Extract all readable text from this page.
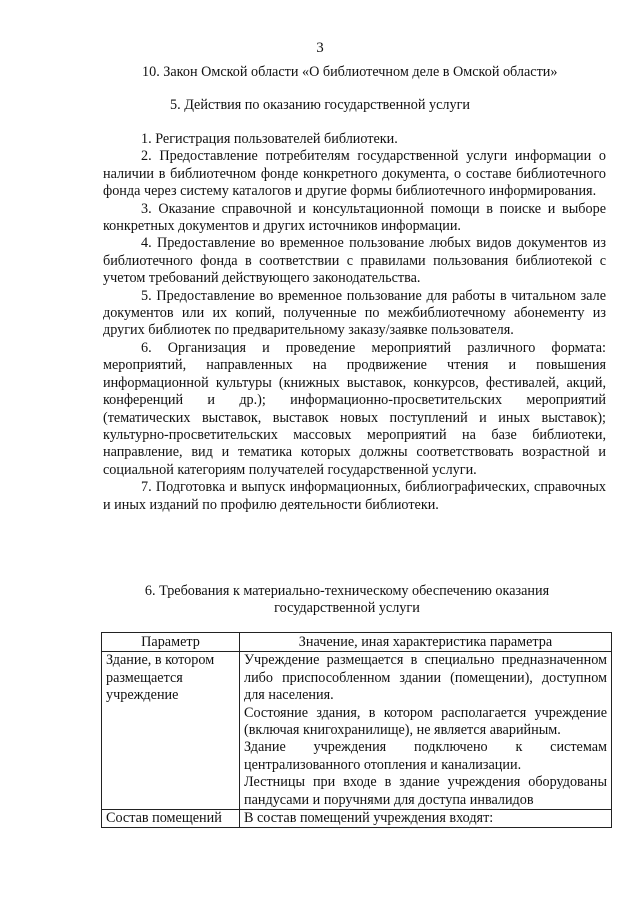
3
10. Закон Омской области «О библиотечном деле в Омской области»
5. Действия по оказанию государственной услуги

1. Регистрация пользователей библиотеки.

2. Предоставление потребителям государственной услуги информации о наличии в библиотечном фонде конкретного документа, о составе библиотечного фонда через систему каталогов и другие формы библиотечного информирования.

3. Оказание справочной и консультационной помощи в поиске и выборе конкретных документов и других источников информации.

4. Предоставление во временное пользование любых видов документов из библиотечного фонда в соответствии с правилами пользования библиотекой с учетом требований действующего законодательства.

5. Предоставление во временное пользование для работы в читальном зале документов или их копий, полученные по межбиблиотечному абонементу из других библиотек по предварительному заказу/заявке пользователя.

6. Организация и проведение мероприятий различного формата: мероприятий, направленных на продвижение чтения и повышения информационной культуры (книжных выставок, конкурсов, фестивалей, акций, конференций и др.); информационно-просветительских мероприятий (тематических выставок, выставок новых поступлений и иных выставок); культурно-просветительских массовых мероприятий на базе библиотеки, направление, вид и тематика которых должны соответствовать возрастной и социальной категориям получателей государственной услуги.

7. Подготовка и выпуск информационных, библиографических, справочных и иных изданий по профилю деятельности библиотеки.

6. Требования к материально-техническому обеспечению оказания государственной услуги
Параметр	Значение, иная характеристика параметра
Здание, в котором размещается учреждение	Учреждение размещается в специально предназначенном либо приспособленном здании (помещении), доступном для населения.

Состояние здания, в котором располагается учреждение (включая книгохранилище), не является аварийным.

Здание учреждения подключено к системам централизованного отопления и канализации.

Лестницы при входе в здание учреждения оборудованы пандусами и поручнями для доступа инвалидов

Состав помещений	В состав помещений учреждения входят:
